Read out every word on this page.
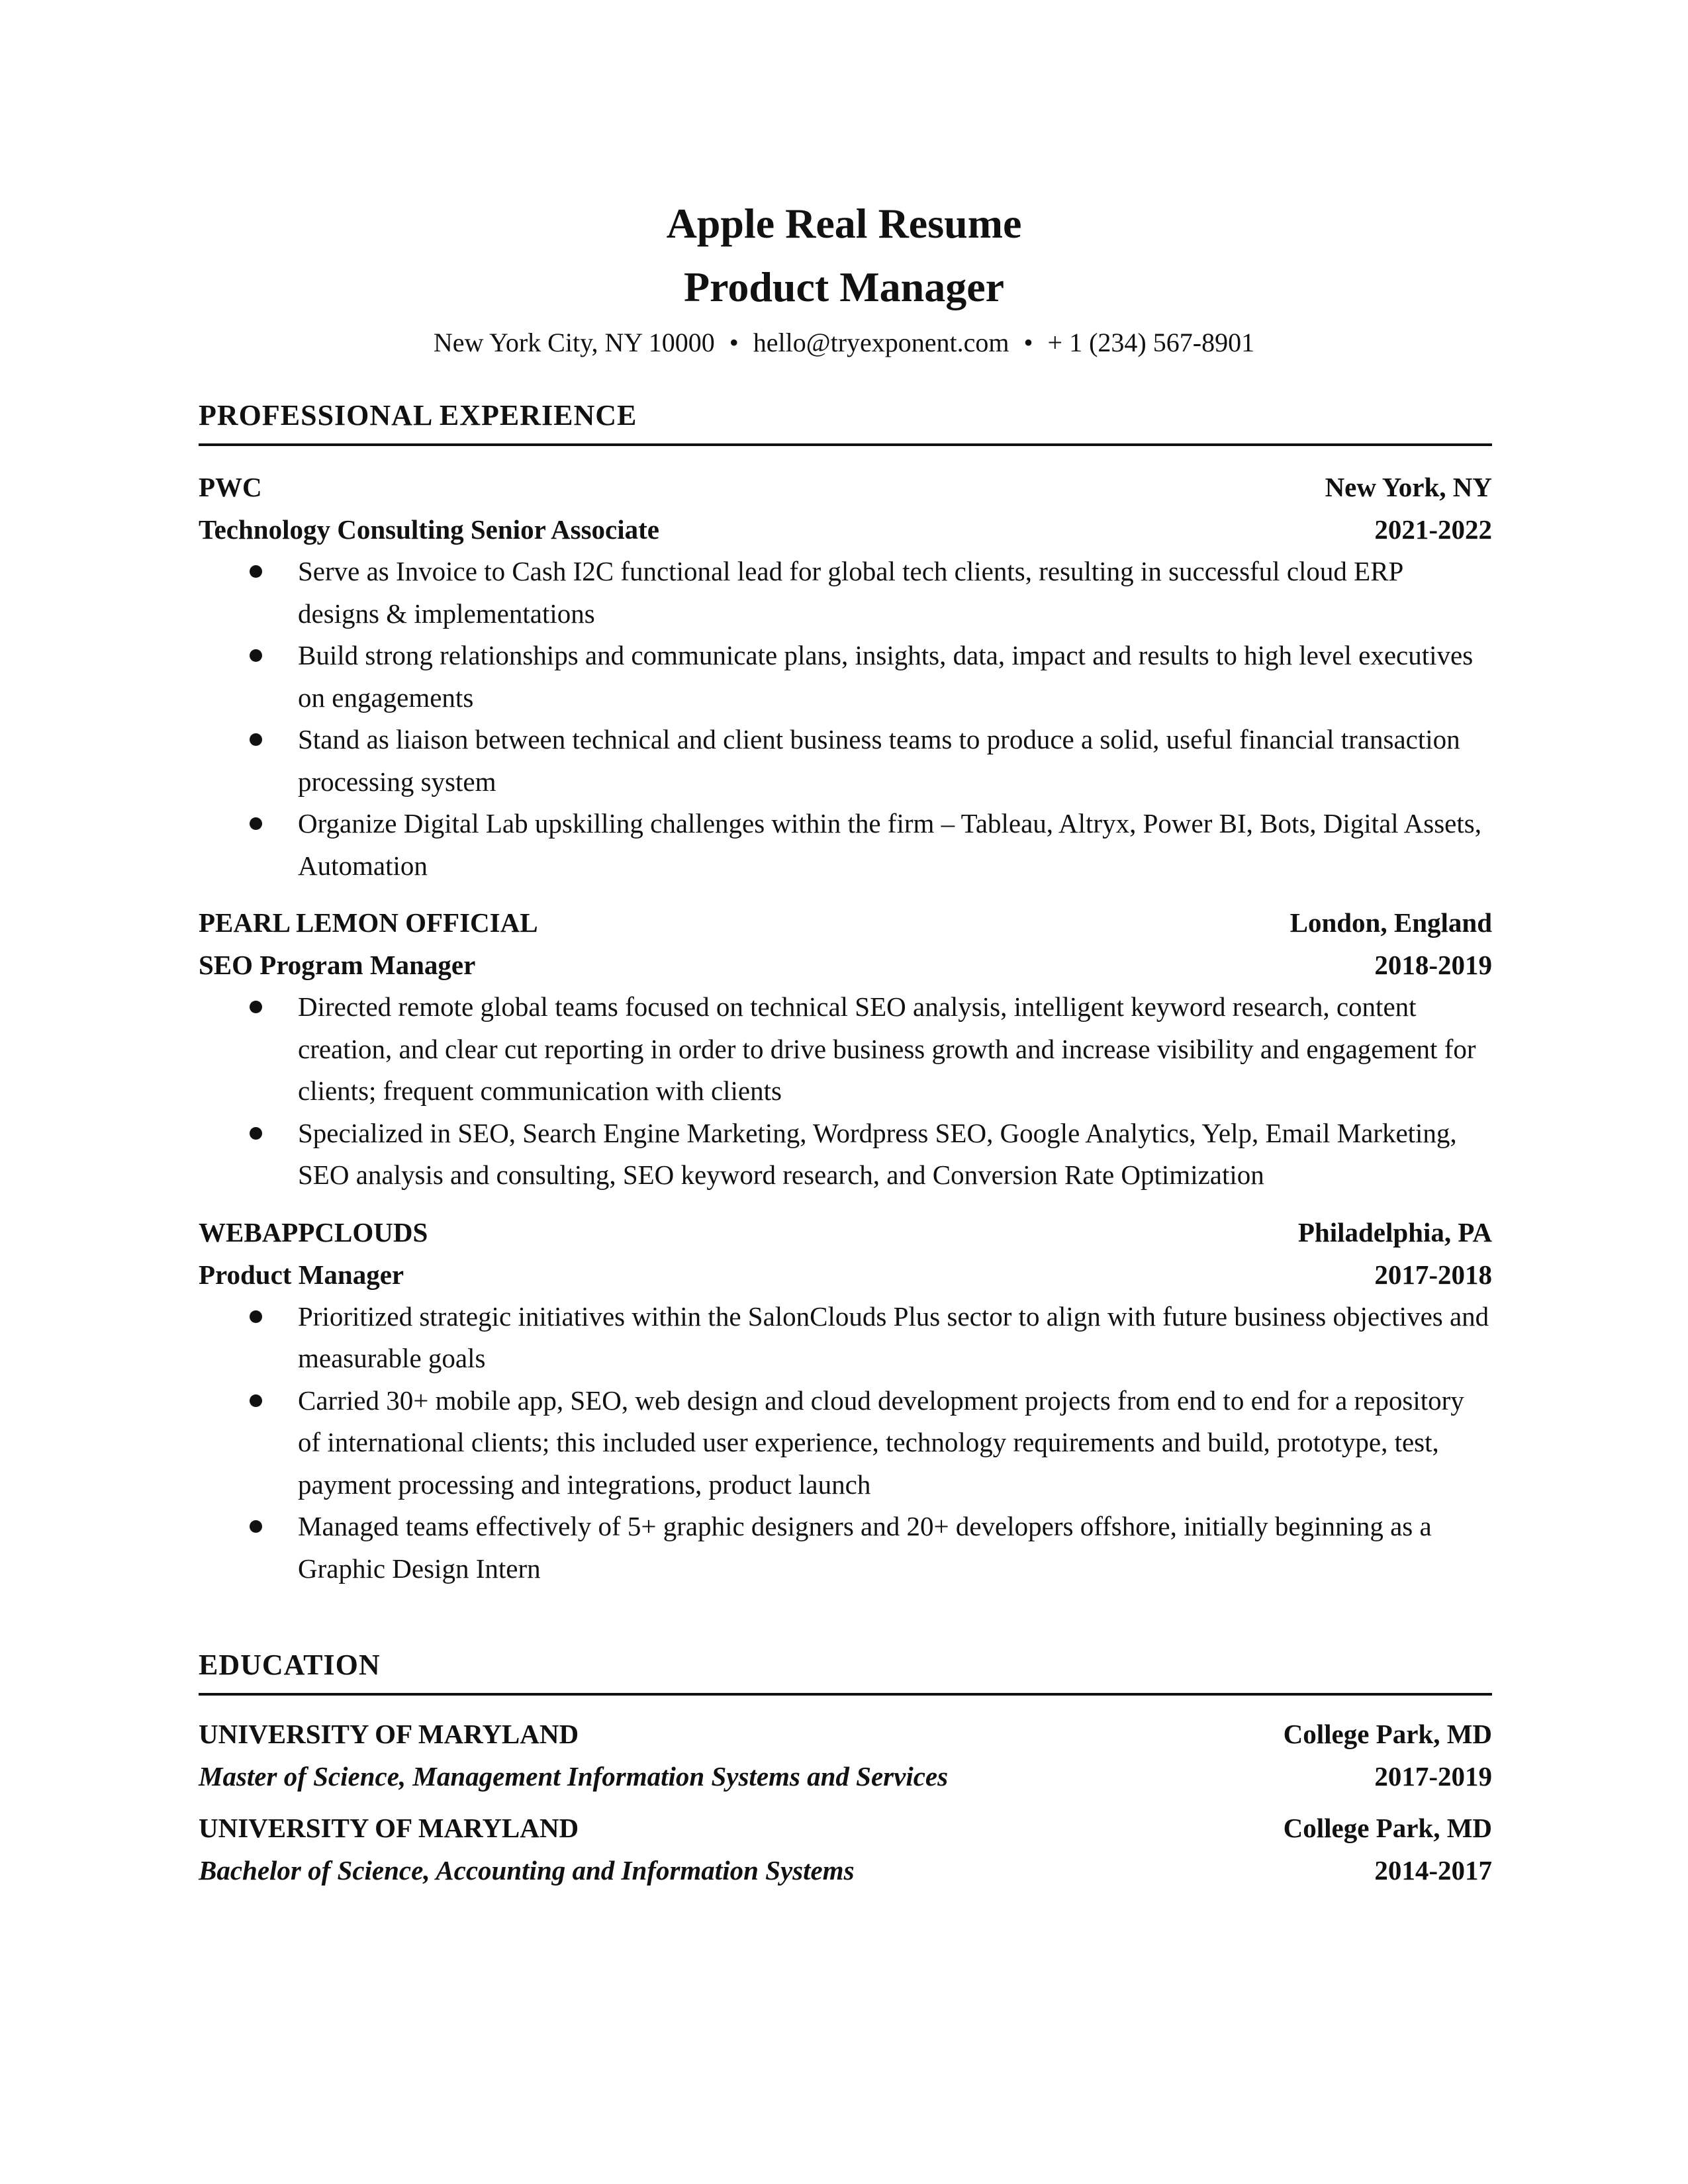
Apple Real Resume
Product Manager
New York City, NY 10000 • hello@tryexponent.com • + 1 (234) 567-8901
PROFESSIONAL EXPERIENCE
PWC	New York, NY
Technology Consulting Senior Associate	2021-2022
Serve as Invoice to Cash I2C functional lead for global tech clients, resulting in successful cloud ERP designs & implementations
Build strong relationships and communicate plans, insights, data, impact and results to high level executives on engagements
Stand as liaison between technical and client business teams to produce a solid, useful financial transaction processing system
Organize Digital Lab upskilling challenges within the firm – Tableau, Altryx, Power BI, Bots, Digital Assets, Automation
PEARL LEMON OFFICIAL	London, England
SEO Program Manager	2018-2019
Directed remote global teams focused on technical SEO analysis, intelligent keyword research, content creation, and clear cut reporting in order to drive business growth and increase visibility and engagement for clients; frequent communication with clients
Specialized in SEO, Search Engine Marketing, Wordpress SEO, Google Analytics, Yelp, Email Marketing, SEO analysis and consulting, SEO keyword research, and Conversion Rate Optimization
WEBAPPCLOUDS	Philadelphia, PA
Product Manager	2017-2018
Prioritized strategic initiatives within the SalonClouds Plus sector to align with future business objectives and measurable goals
Carried 30+ mobile app, SEO, web design and cloud development projects from end to end for a repository of international clients; this included user experience, technology requirements and build, prototype, test, payment processing and integrations, product launch
Managed teams effectively of 5+ graphic designers and 20+ developers offshore, initially beginning as a Graphic Design Intern
EDUCATION
UNIVERSITY OF MARYLAND	College Park, MD
Master of Science, Management Information Systems and Services	2017-2019
UNIVERSITY OF MARYLAND	College Park, MD
Bachelor of Science, Accounting and Information Systems	2014-2017
